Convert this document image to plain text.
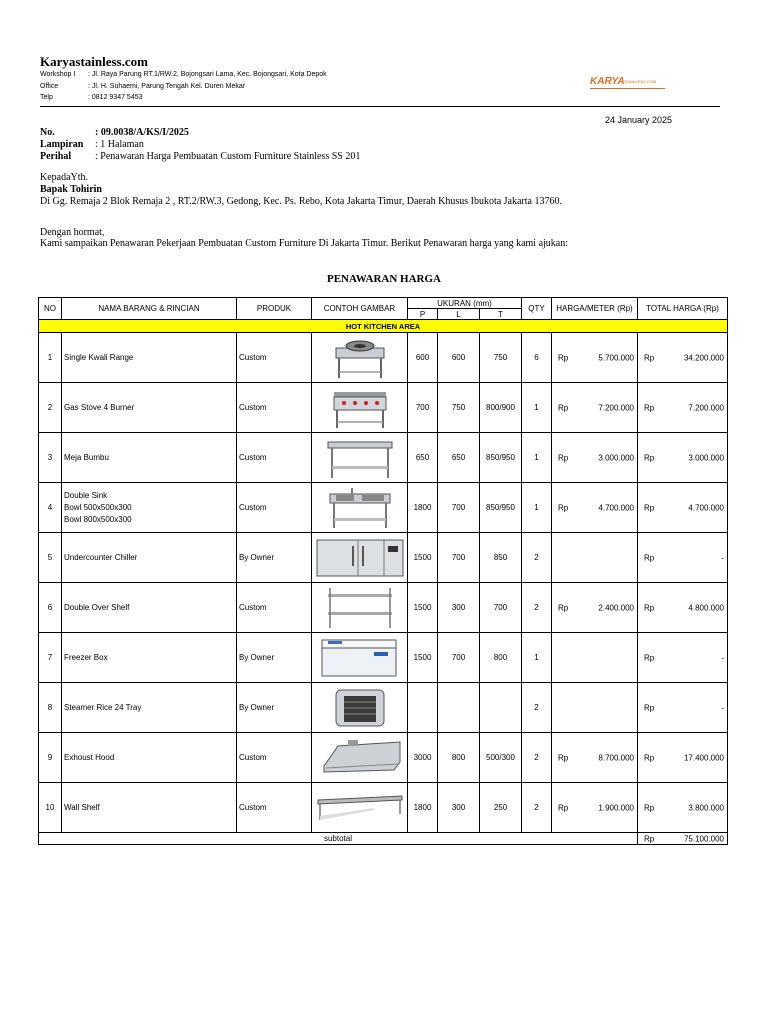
Karyastainless.com
Workshop I : Jl. Raya Parung RT.1/RW.2, Bojongsari Lama, Kec. Bojongsari, Kota Depok
Office	: Jl. H. Suhaemi, Parung Tengah Kel. Duren Mekar
Telp	: 0812 9347 5453
KARYA STAINLESS.COM
24 January 2025
No.	: 09.0038/A/KS/I/2025
Lampiran : 1 Halaman
Perihal : Penawaran Harga Pembuatan Custom Furniture Stainless SS 201
KepadaYth.
Bapak Tohirin
Di Gg. Remaja 2 Blok Remaja 2 , RT.2/RW.3, Gedong, Kec. Ps. Rebo, Kota Jakarta Timur, Daerah Khusus Ibukota Jakarta 13760.
Dengan hormat,
Kami sampaikan Penawaran Pekerjaan Pembuatan Custom Furniture Di Jakarta Timur. Berikut Penawaran harga yang kami ajukan:
PENAWARAN HARGA
NO	NAMA BARANG & RINCIAN	PRODUK	CONTOH GAMBAR	UKURAN (mm)			QTY	HARGA/METER (Rp)	TOTAL HARGA (Rp)
				P	L	T			
HOT KITCHEN AREA									
1	Single Kwali Range	Custom		600	600	750	6	Rp 5.700.000	Rp 34.200.000

2	Gas Stove 4 Burner	Custom		700	750	800/900	1	Rp 7.200.000	Rp 7.200.000

3	Meja Bumbu	Custom		650	650	850/950	1	Rp 3.000.000	Rp 3.000.000

4	Double Sink
Bowl 500x500x300
Bowl 800x500x300	Custom		1800	700	850/950	1	Rp 4.700.000	Rp 4.700.000

5	Undercounter Chiller	By Owner		1500	700	850	2		Rp -

6	Double Over Shelf	Custom		1500	300	700	2	Rp 2.400.000	Rp 4.800.000

7	Freezer Box	By Owner		1500	700	800	1		Rp -

8	Steamer Rice 24 Tray	By Owner					2		Rp -

9	Exhoust Hood	Custom		3000	800	500/300	2	Rp 8.700.000	Rp 17.400.000

10	Wall Shelf	Custom		1800	300	250	2	Rp 1.900.000	Rp 3.800.000

subtotal									Rp 75.100.000
